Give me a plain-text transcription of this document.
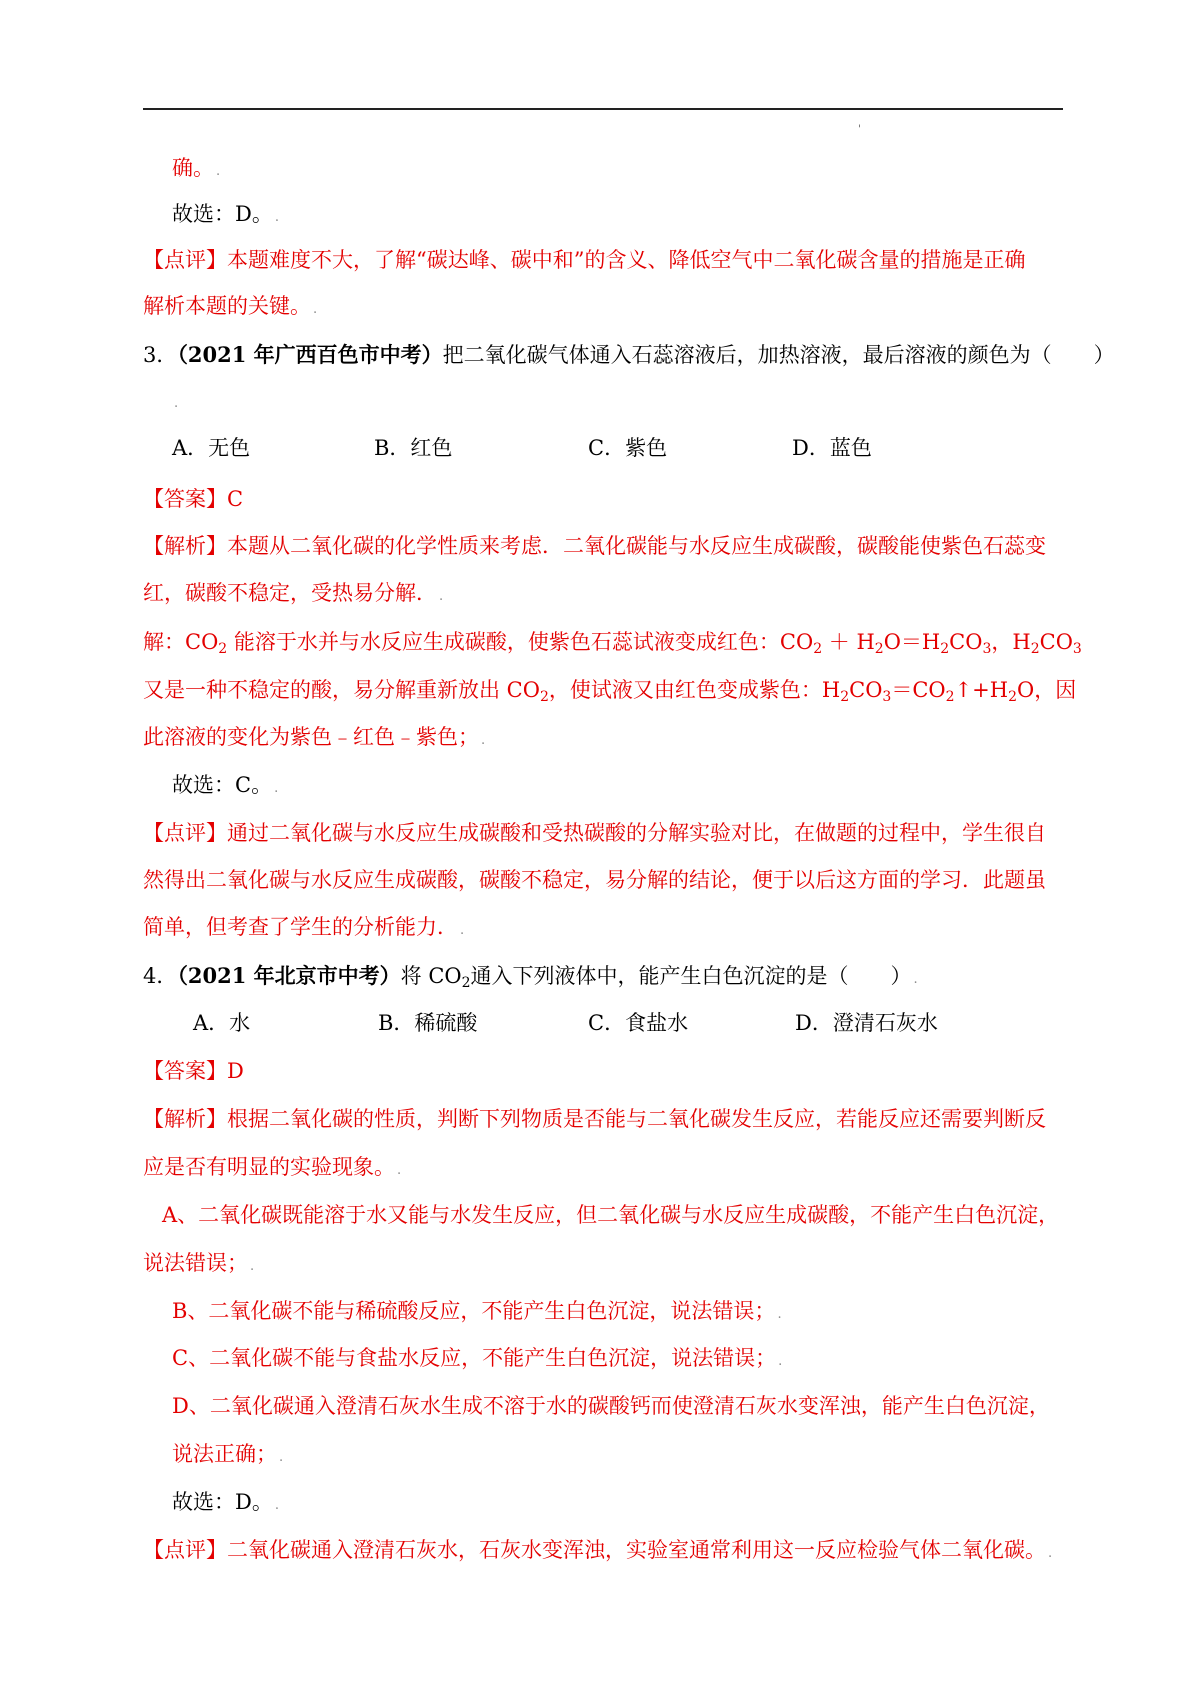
'
确。 .
故选：D。 .
【点评】本题难度不大，了解“碳达峰、碳中和”的含义、降低空气中二氧化碳含量的措施是正确
解析本题的关键。 .
3．（2021 年广西百色市中考）把二氧化碳气体通入石蕊溶液后，加热溶液，最后溶液的颜色为（　　）
.
A．无色	B．红色	C．紫色	D．蓝色
【答案】C
【解析】本题从二氧化碳的化学性质来考虑．二氧化碳能与水反应生成碳酸，碳酸能使紫色石蕊变
红，碳酸不稳定，受热易分解． .
解：$CO_2$ 能溶于水并与水反应生成碳酸，使紫色石蕊试液变成红色：$CO_2 + H_2O=H_2CO_3$，$H_2CO_3$
又是一种不稳定的酸，易分解重新放出 $CO_2$，使试液又由红色变成紫色：$H_2CO_3=CO_2↑+H_2O$，因
此溶液的变化为紫色﹣红色﹣紫色； .
故选：C。 .
【点评】通过二氧化碳与水反应生成碳酸和受热碳酸的分解实验对比，在做题的过程中，学生很自
然得出二氧化碳与水反应生成碳酸，碳酸不稳定，易分解的结论，便于以后这方面的学习．此题虽
简单，但考查了学生的分析能力． .
4．（2021 年北京市中考）将 $CO_2$通入下列液体中，能产生白色沉淀的是（　　） .
A．水	B．稀硫酸	C．食盐水	D．澄清石灰水
【答案】D
【解析】根据二氧化碳的性质，判断下列物质是否能与二氧化碳发生反应，若能反应还需要判断反
应是否有明显的实验现象。 .
A、二氧化碳既能溶于水又能与水发生反应，但二氧化碳与水反应生成碳酸，不能产生白色沉淀，
说法错误； .
B、二氧化碳不能与稀硫酸反应，不能产生白色沉淀，说法错误； .
C、二氧化碳不能与食盐水反应，不能产生白色沉淀，说法错误； .
D、二氧化碳通入澄清石灰水生成不溶于水的碳酸钙而使澄清石灰水变浑浊，能产生白色沉淀，
说法正确； .
故选：D。 .
【点评】二氧化碳通入澄清石灰水，石灰水变浑浊，实验室通常利用这一反应检验气体二氧化碳。 .
